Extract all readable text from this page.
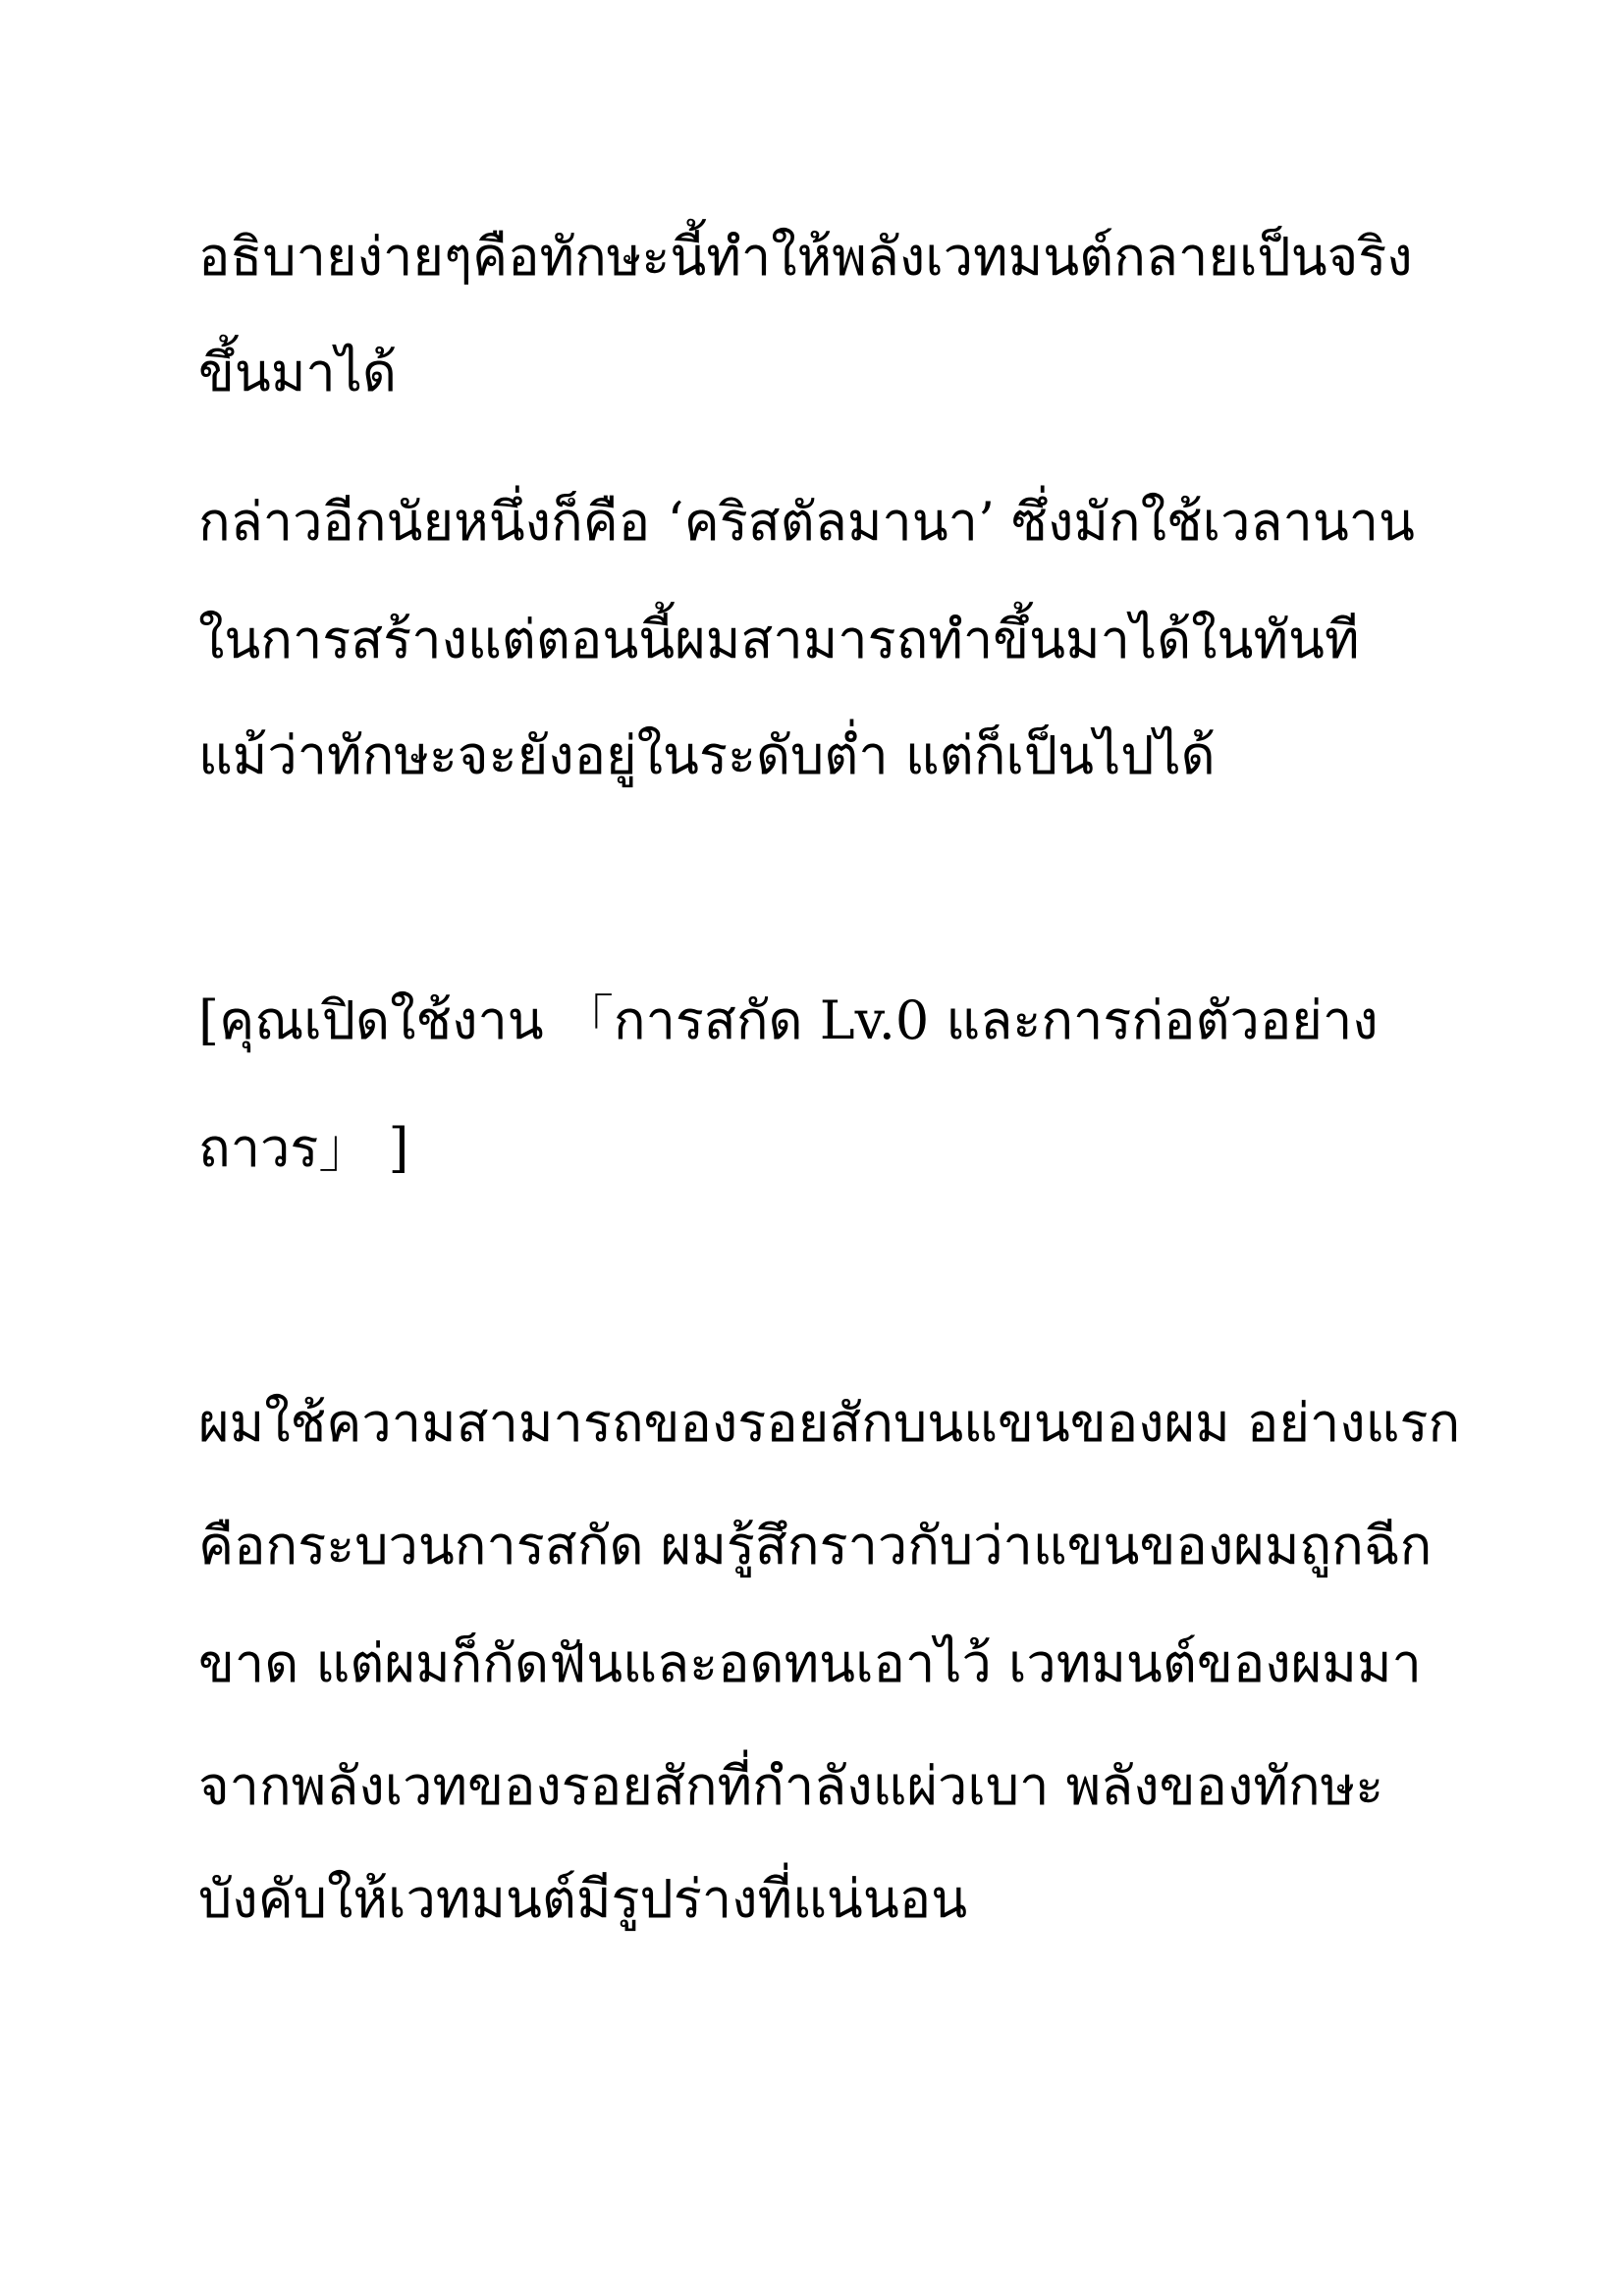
อธิบายง่ายๆคือทักษะนี้ทำให้พลังเวทมนต์กลายเป็นจริง
ขึ้นมาได้
กล่าวอีกนัยหนึ่งก็คือ ‘คริสตัลมานา’ ซึ่งมักใช้เวลานาน
ในการสร้างแต่ตอนนี้ผมสามารถทำขึ้นมาได้ในทันที
แม้ว่าทักษะจะยังอยู่ในระดับต่ำ แต่ก็เป็นไปได้
[คุณเปิดใช้งาน 「การสกัด Lv.0 และการก่อตัวอย่าง
ถาวร」 ]
ผมใช้ความสามารถของรอยสักบนแขนของผม อย่างแรก
คือกระบวนการสกัด ผมรู้สึกราวกับว่าแขนของผมถูกฉีก
ขาด แต่ผมก็กัดฟันและอดทนเอาไว้ เวทมนต์ของผมมา
จากพลังเวทของรอยสักที่กำลังแผ่วเบา พลังของทักษะ
บังคับให้เวทมนต์มีรูปร่างที่แน่นอน
